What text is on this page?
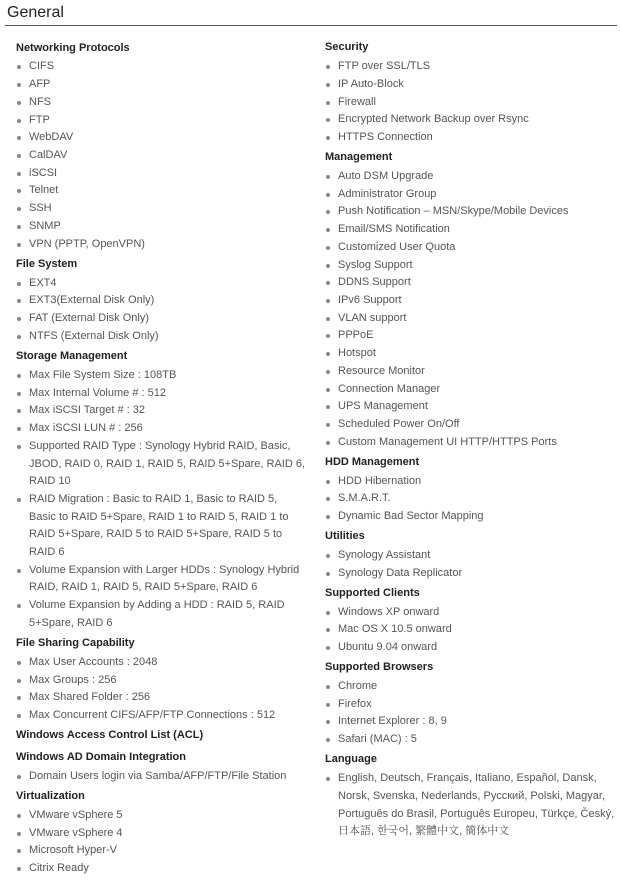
General
Networking Protocols
CIFS
AFP
NFS
FTP
WebDAV
CalDAV
iSCSI
Telnet
SSH
SNMP
VPN (PPTP, OpenVPN)
File System
EXT4
EXT3(External Disk Only)
FAT (External Disk Only)
NTFS (External Disk Only)
Storage Management
Max File System Size : 108TB
Max Internal Volume # : 512
Max iSCSI Target # : 32
Max iSCSI LUN # : 256
Supported RAID Type : Synology Hybrid RAID, Basic, JBOD, RAID 0, RAID 1, RAID 5, RAID 5+Spare, RAID 6, RAID 10
RAID Migration : Basic to RAID 1, Basic to RAID 5, Basic to RAID 5+Spare, RAID 1 to RAID 5, RAID 1 to RAID 5+Spare, RAID 5 to RAID 5+Spare, RAID 5 to RAID 6
Volume Expansion with Larger HDDs : Synology Hybrid RAID, RAID 1, RAID 5, RAID 5+Spare, RAID 6
Volume Expansion by Adding a HDD : RAID 5, RAID 5+Spare, RAID 6
File Sharing Capability
Max User Accounts : 2048
Max Groups : 256
Max Shared Folder : 256
Max Concurrent CIFS/AFP/FTP Connections : 512
Windows Access Control List (ACL)
Windows AD Domain Integration
Domain Users login via Samba/AFP/FTP/File Station
Virtualization
VMware vSphere 5
VMware vSphere 4
Microsoft Hyper-V
Citrix Ready
Security
FTP over SSL/TLS
IP Auto-Block
Firewall
Encrypted Network Backup over Rsync
HTTPS Connection
Management
Auto DSM Upgrade
Administrator Group
Push Notification – MSN/Skype/Mobile Devices
Email/SMS Notification
Customized User Quota
Syslog Support
DDNS Support
IPv6 Support
VLAN support
PPPoE
Hotspot
Resource Monitor
Connection Manager
UPS Management
Scheduled Power On/Off
Custom Management UI HTTP/HTTPS Ports
HDD Management
HDD Hibernation
S.M.A.R.T.
Dynamic Bad Sector Mapping
Utilities
Synology Assistant
Synology Data Replicator
Supported Clients
Windows XP onward
Mac OS X 10.5 onward
Ubuntu 9.04 onward
Supported Browsers
Chrome
Firefox
Internet Explorer : 8, 9
Safari (MAC) : 5
Language
English, Deutsch, Français, Italiano, Español, Dansk, Norsk, Svenska, Nederlands, Русский, Polski, Magyar, Português do Brasil, Português Europeu, Türkçe, Český, 日本語, 한국어, 繁體中文, 簡体中文
